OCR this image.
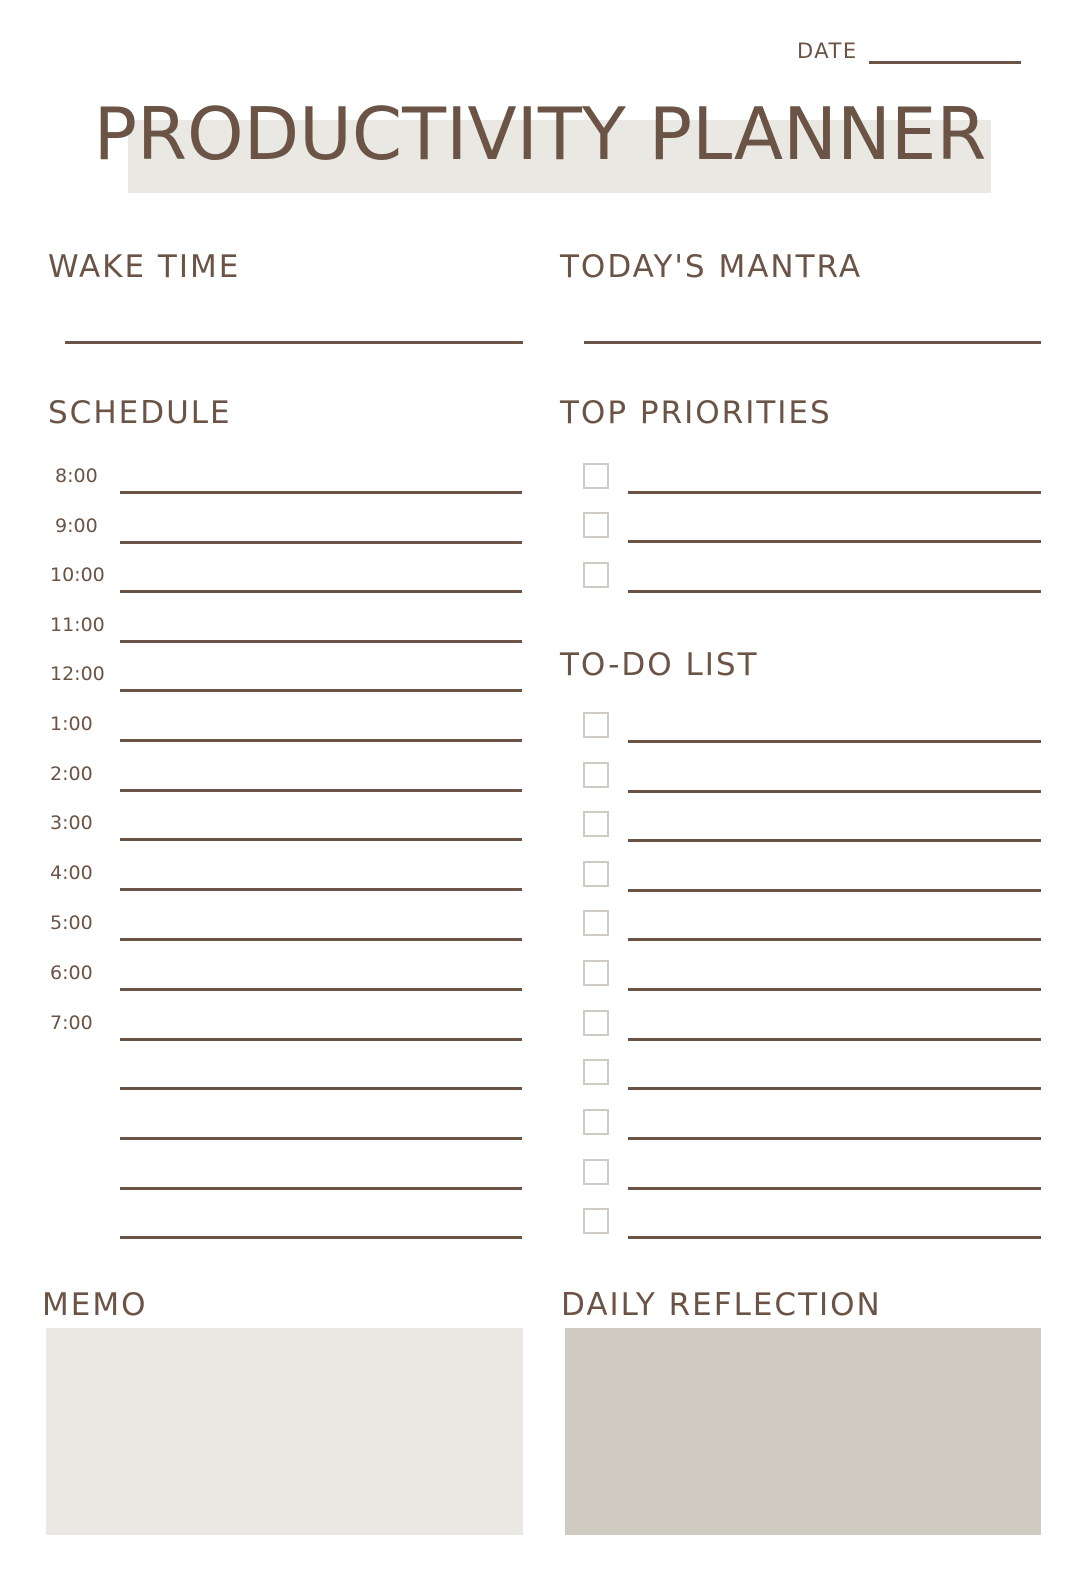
DATE
PRODUCTIVITY PLANNER
WAKE TIME	TODAY'S MANTRA
SCHEDULE
8:00
9:00
10:00
11:00
12:00
1:00
2:00
3:00
4:00
5:00
6:00
7:00
TOP PRIORITIES
TO-DO LIST
MEMO	DAILY REFLECTION
